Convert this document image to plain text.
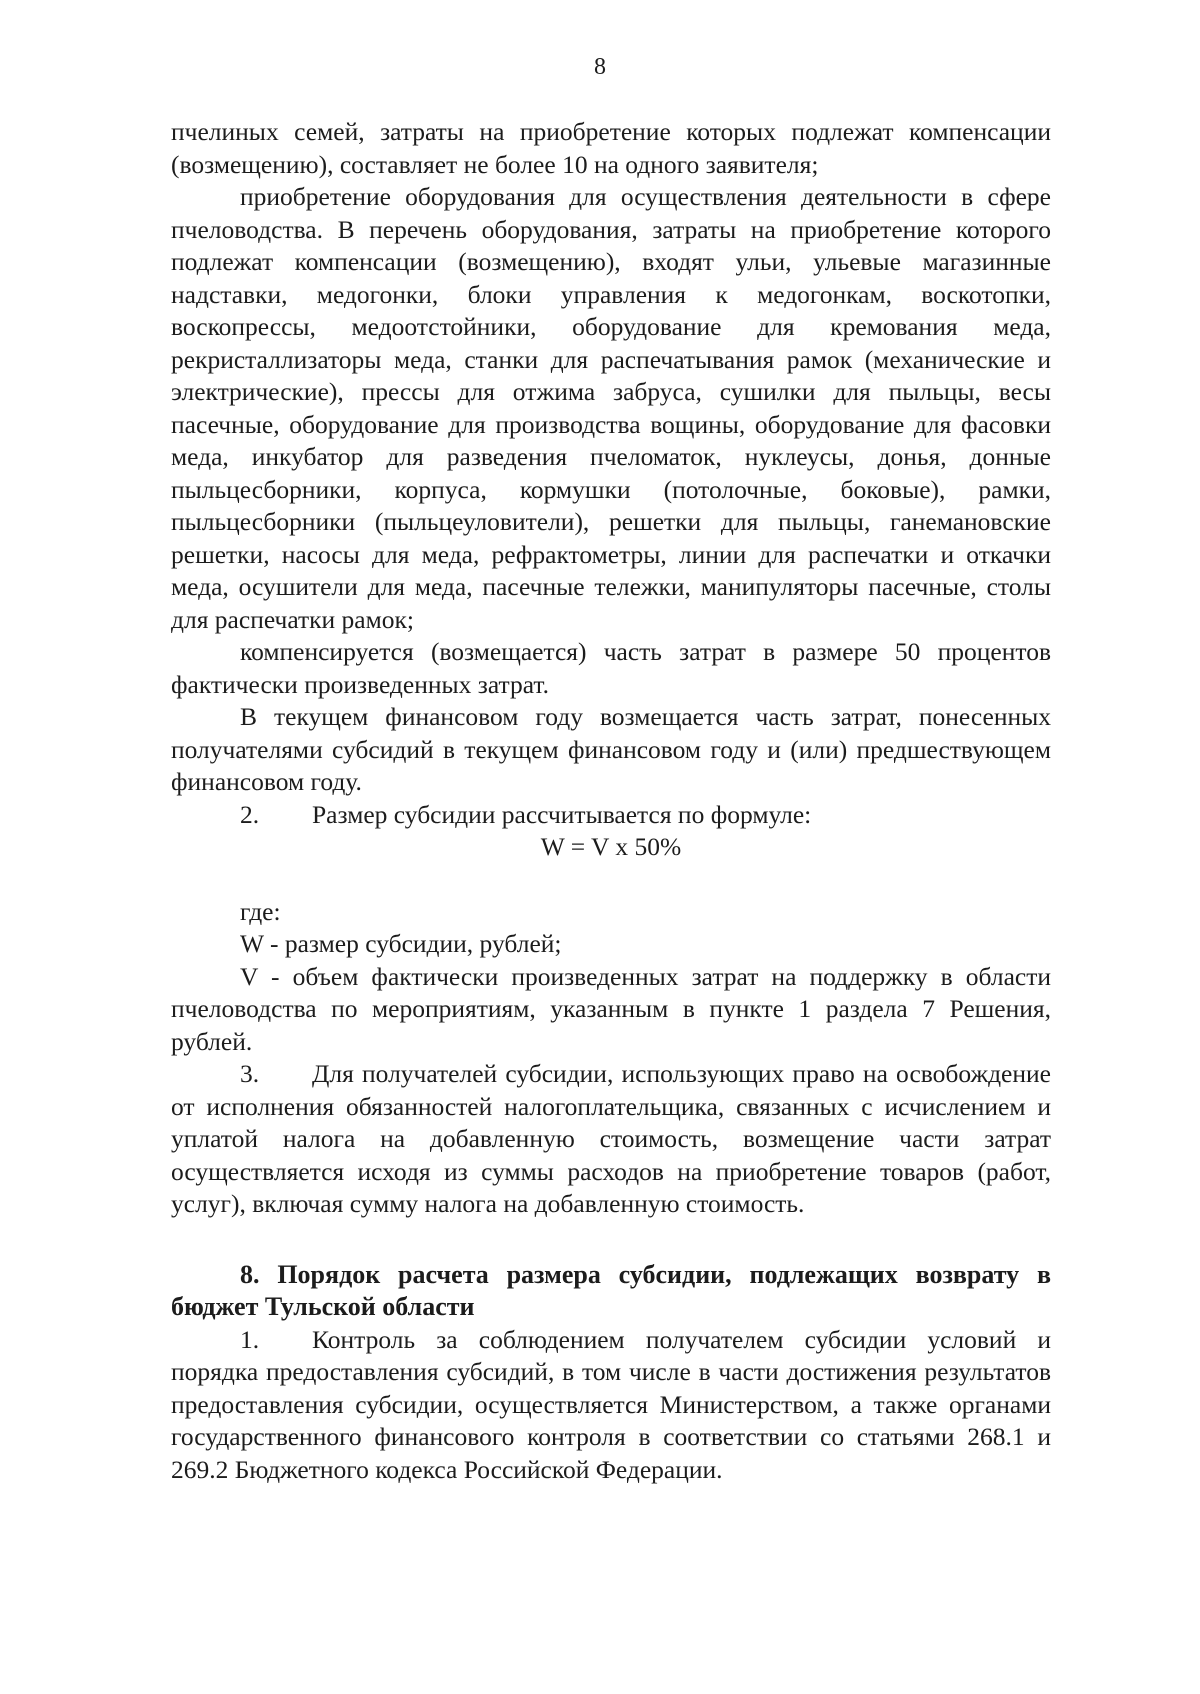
8

пчелиных семей, затраты на приобретение которых подлежат компенсации (возмещению), составляет не более 10 на одного заявителя;

приобретение оборудования для осуществления деятельности в сфере пчеловодства. В перечень оборудования, затраты на приобретение которого подлежат компенсации (возмещению), входят ульи, ульевые магазинные надставки, медогонки, блоки управления к медогонкам, воскотопки, воскопрессы, медоотстойники, оборудование для кремования меда, рекристаллизаторы меда, станки для распечатывания рамок (механические и электрические), прессы для отжима забруса, сушилки для пыльцы, весы пасечные, оборудование для производства вощины, оборудование для фасовки меда, инкубатор для разведения пчеломаток, нуклеусы, донья, донные пыльцесборники, корпуса, кормушки (потолочные, боковые), рамки, пыльцесборники (пыльцеуловители), решетки для пыльцы, ганемановские решетки, насосы для меда, рефрактометры, линии для распечатки и откачки меда, осушители для меда, пасечные тележки, манипуляторы пасечные, столы для распечатки рамок;

компенсируется (возмещается) часть затрат в размере 50 процентов фактически произведенных затрат.

В текущем финансовом году возмещается часть затрат, понесенных получателями субсидий в текущем финансовом году и (или) предшествующем финансовом году.

2. Размер субсидии рассчитывается по формуле:

W = V x 50%

где:

W - размер субсидии, рублей;

V - объем фактически произведенных затрат на поддержку в области пчеловодства по мероприятиям, указанным в пункте 1 раздела 7 Решения, рублей.

3. Для получателей субсидии, использующих право на освобождение от исполнения обязанностей налогоплательщика, связанных с исчислением и уплатой налога на добавленную стоимость, возмещение части затрат осуществляется исходя из суммы расходов на приобретение товаров (работ, услуг), включая сумму налога на добавленную стоимость.

8. Порядок расчета размера субсидии, подлежащих возврату в бюджет Тульской области

1. Контроль за соблюдением получателем субсидии условий и порядка предоставления субсидий, в том числе в части достижения результатов предоставления субсидии, осуществляется Министерством, а также органами государственного финансового контроля в соответствии со статьями 268.1 и 269.2 Бюджетного кодекса Российской Федерации.
